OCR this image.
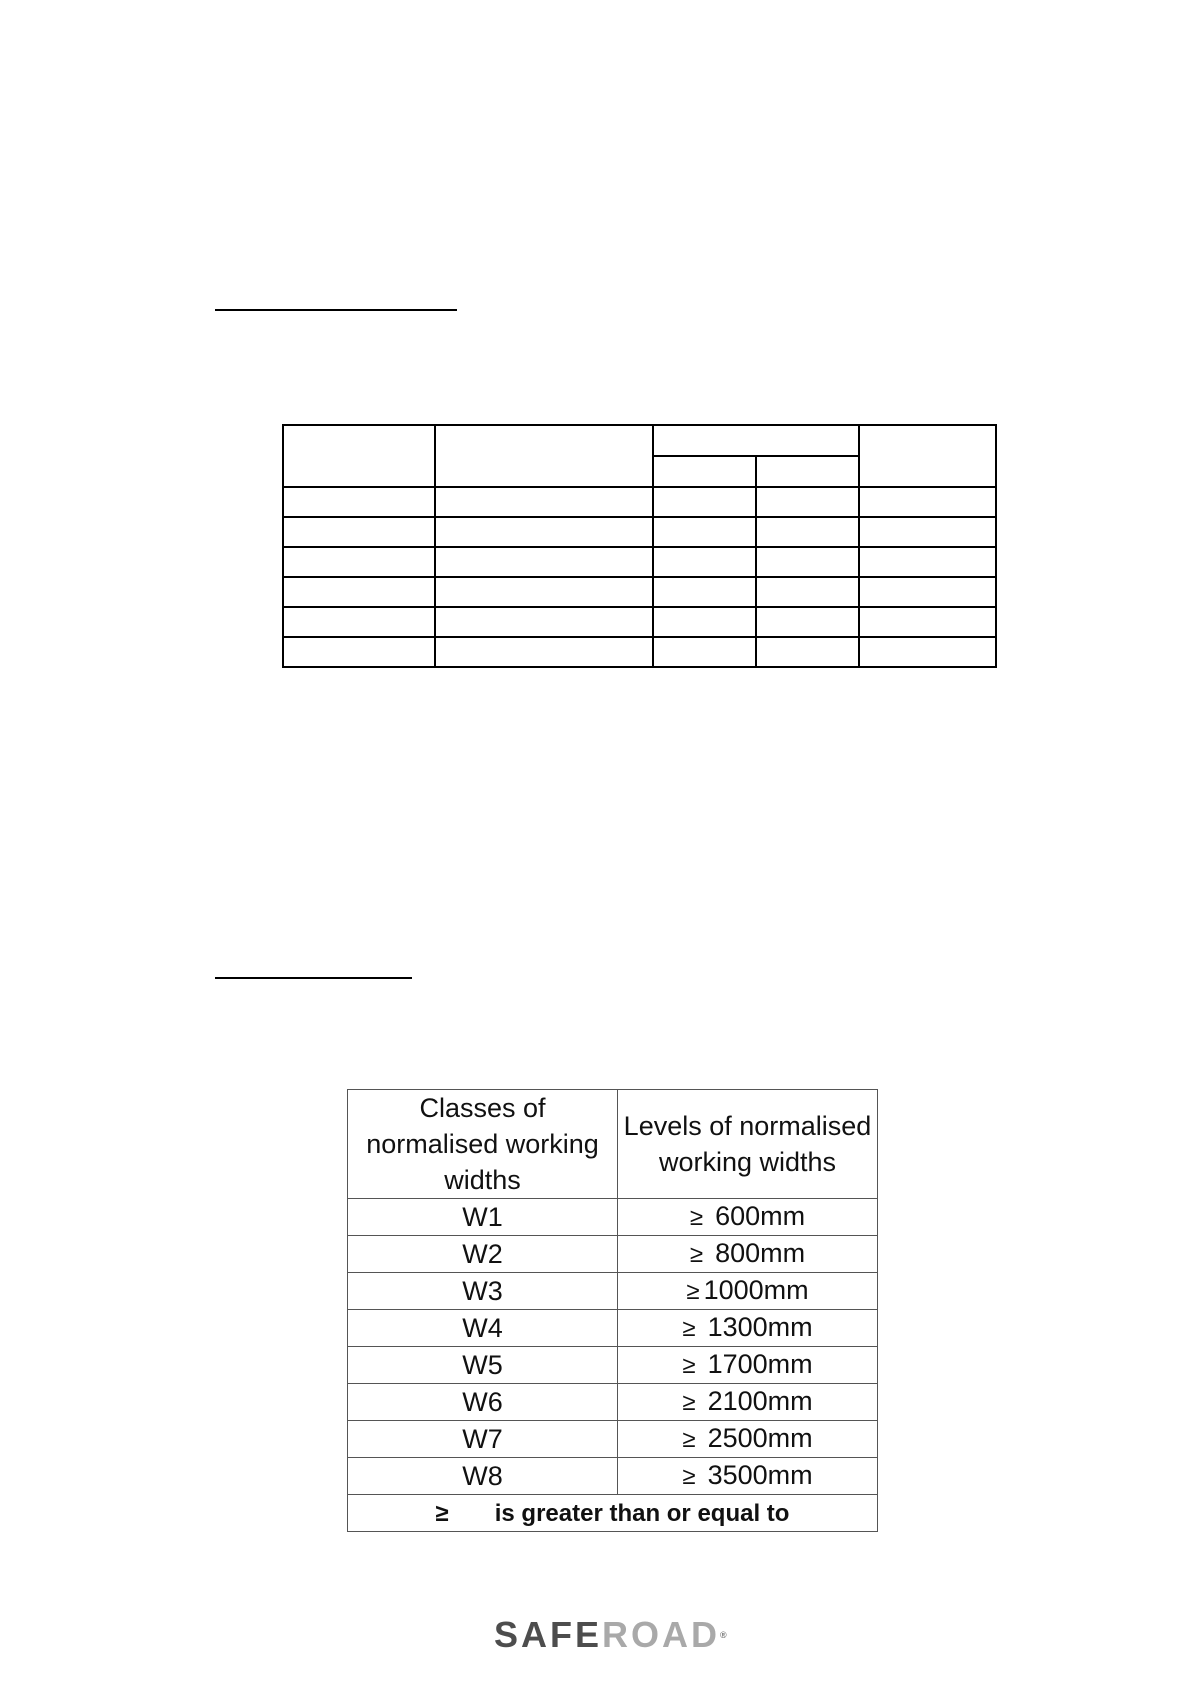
Classes of normalised working widths	Levels of normalised working widths
W1	≥ 600mm
W2	≥ 800mm
W3	≥ 1000mm
W4	≥ 1300mm
W5	≥ 1700mm
W6	≥ 2100mm
W7	≥ 2500mm
W8	≥ 3500mm
≥ is greater than or equal to	
SAFEROAD®
